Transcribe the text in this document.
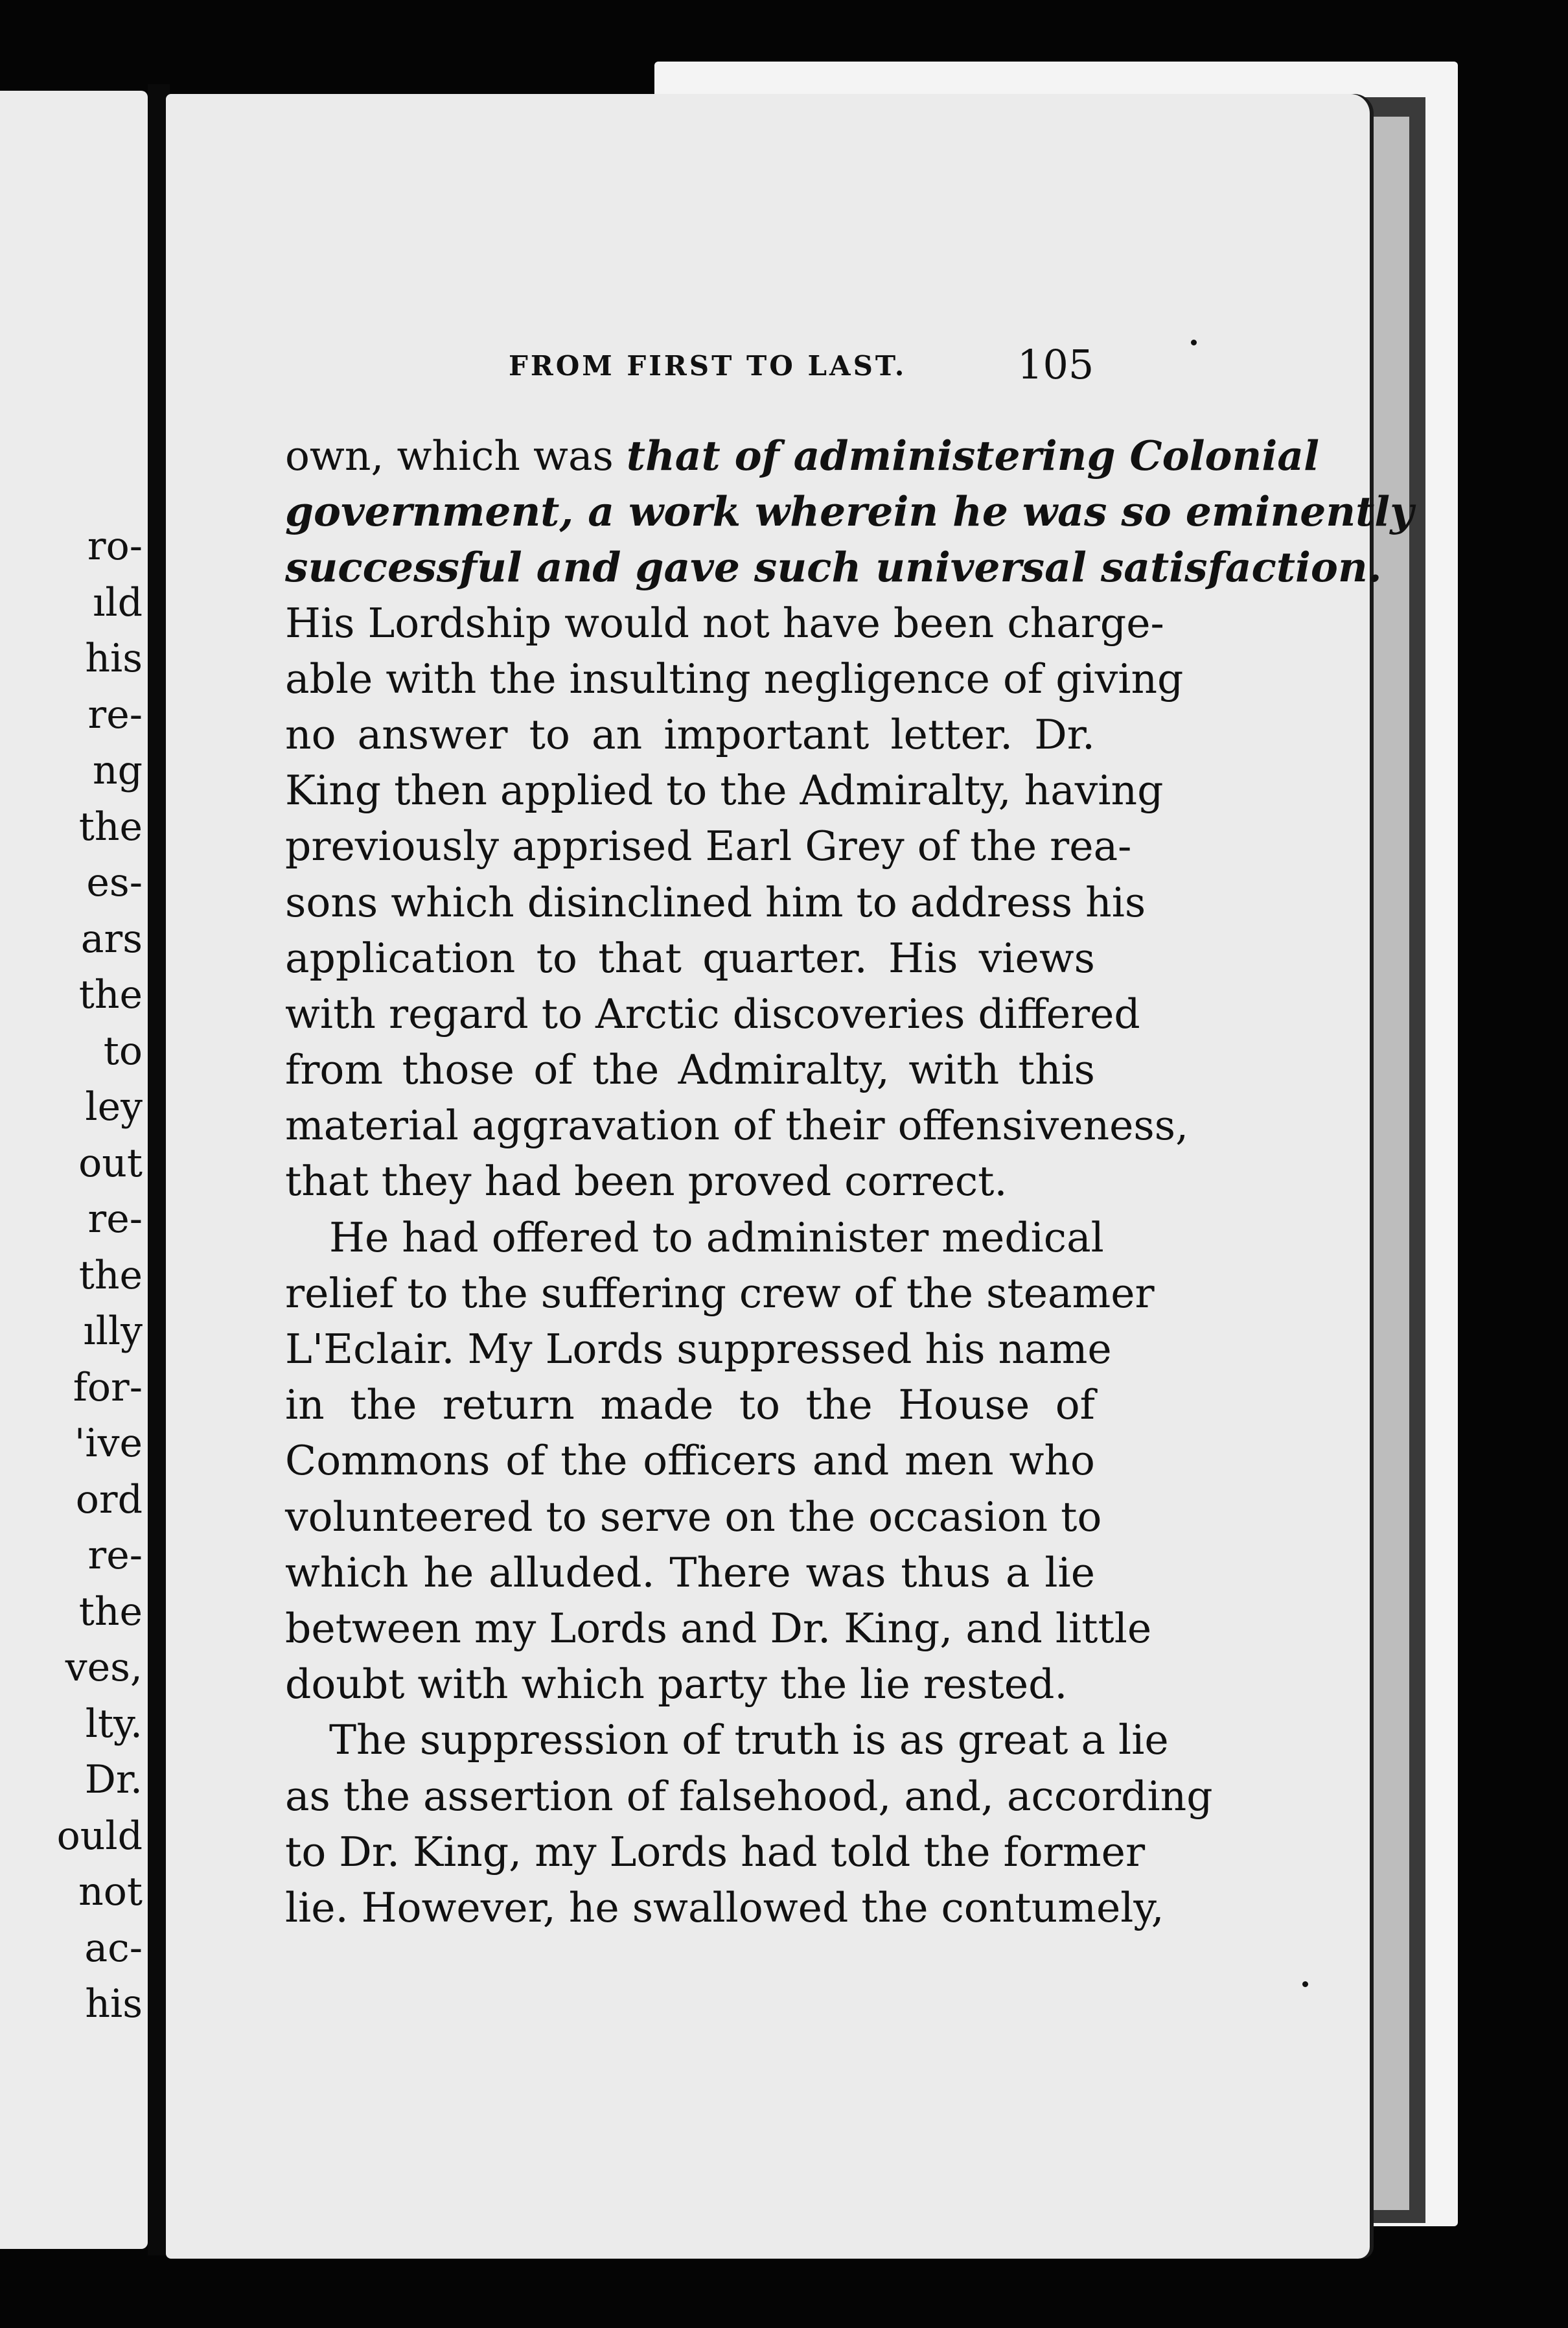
ro-
ıld
his
re-
ng
the
es-
ars
the
to
ley
out
re-
the
ılly
for-
'ive
ord
re-
the
ves,
lty.
Dr.
ould
not
ac-
his
FROM FIRST TO LAST.	105
own, which was that of administering Colonial
government, a work wherein he was so eminently
successful and gave such universal satisfaction.
His Lordship would not have been charge-
able with the insulting negligence of giving
no answer to an important letter. Dr.
King then applied to the Admiralty, having
previously apprised Earl Grey of the rea-
sons which disinclined him to address his
application to that quarter. His views
with regard to Arctic discoveries differed
from those of the Admiralty, with this
material aggravation of their offensiveness,
that they had been proved correct.
He had offered to administer medical
relief to the suffering crew of the steamer
L'Eclair. My Lords suppressed his name
in the return made to the House of
Commons of the officers and men who
volunteered to serve on the occasion to
which he alluded. There was thus a lie
between my Lords and Dr. King, and little
doubt with which party the lie rested.
The suppression of truth is as great a lie
as the assertion of falsehood, and, according
to Dr. King, my Lords had told the former
lie. However, he swallowed the contumely,
